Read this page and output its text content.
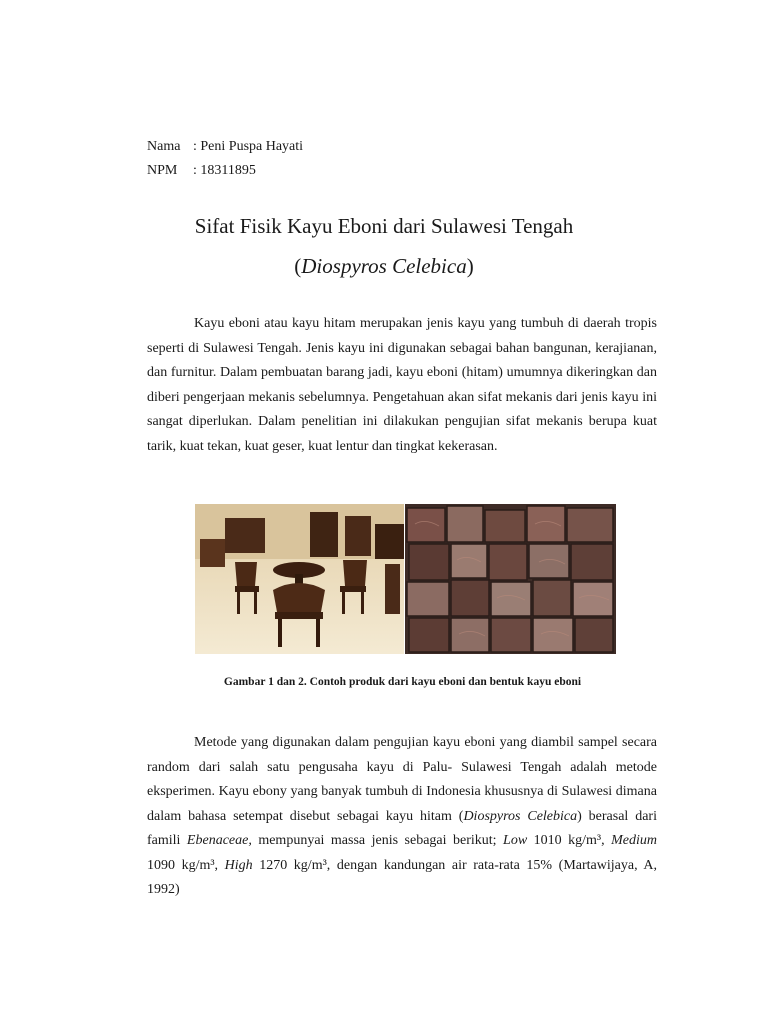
Nama : Peni Puspa Hayati
NPM : 18311895
Sifat Fisik Kayu Eboni dari Sulawesi Tengah
(Diospyros Celebica)

Kayu eboni atau kayu hitam merupakan jenis kayu yang tumbuh di daerah tropis seperti di Sulawesi Tengah. Jenis kayu ini digunakan sebagai bahan bangunan, kerajianan, dan furnitur. Dalam pembuatan barang jadi, kayu eboni (hitam) umumnya dikeringkan dan diberi pengerjaan mekanis sebelumnya. Pengetahuan akan sifat mekanis dari jenis kayu ini sangat diperlukan. Dalam penelitian ini dilakukan pengujian sifat mekanis berupa kuat tarik, kuat tekan, kuat geser, kuat lentur dan tingkat kekerasan.

Gambar 1 dan 2. Contoh produk dari kayu eboni dan bentuk kayu eboni

Metode yang digunakan dalam pengujian kayu eboni yang diambil sampel secara random dari salah satu pengusaha kayu di Palu- Sulawesi Tengah adalah metode eksperimen. Kayu ebony yang banyak tumbuh di Indonesia khususnya di Sulawesi dimana dalam bahasa setempat disebut sebagai kayu hitam (Diospyros Celebica) berasal dari famili Ebenaceae, mempunyai massa jenis sebagai berikut; Low 1010 kg/m³, Medium 1090 kg/m³, High 1270 kg/m³, dengan kandungan air rata-rata 15% (Martawijaya, A, 1992)
